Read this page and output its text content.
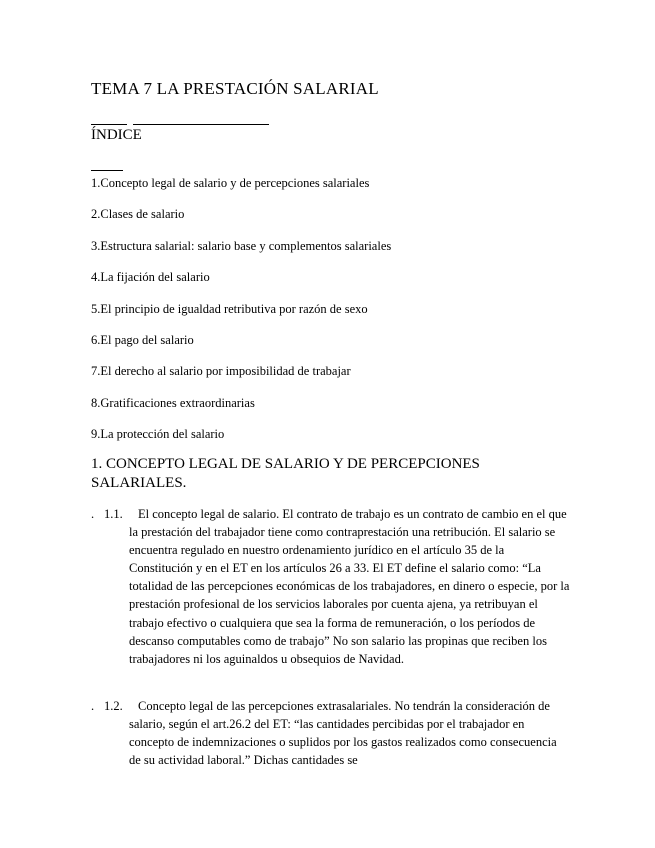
TEMA 7 LA PRESTACIÓN SALARIAL
ÍNDICE
1.Concepto legal de salario y de percepciones salariales
2.Clases de salario
3.Estructura salarial: salario base y complementos salariales
4.La fijación del salario
5.El principio de igualdad retributiva por razón de sexo
6.El pago del salario
7.El derecho al salario por imposibilidad de trabajar
8.Gratificaciones extraordinarias
9.La protección del salario
1. CONCEPTO LEGAL DE SALARIO Y DE PERCEPCIONES SALARIALES.
. 1.1.	El concepto legal de salario. El contrato de trabajo es un contrato de cambio en el que la prestación del trabajador tiene como contraprestación una retribución. El salario se encuentra regulado en nuestro ordenamiento jurídico en el artículo 35 de la Constitución y en el ET en los artículos 26 a 33. El ET define el salario como: “La totalidad de las percepciones económicas de los trabajadores, en dinero o especie, por la prestación profesional de los servicios laborales por cuenta ajena, ya retribuyan el trabajo efectivo o cualquiera que sea la forma de remuneración, o los períodos de descanso computables como de trabajo” No son salario las propinas que reciben los trabajadores ni los aguinaldos u obsequios de Navidad.
. 1.2.	Concepto legal de las percepciones extrasalariales. No tendrán la consideración de salario, según el art.26.2 del ET: “las cantidades percibidas por el trabajador en concepto de indemnizaciones o suplidos por los gastos realizados como consecuencia de su actividad laboral.” Dichas cantidades se
